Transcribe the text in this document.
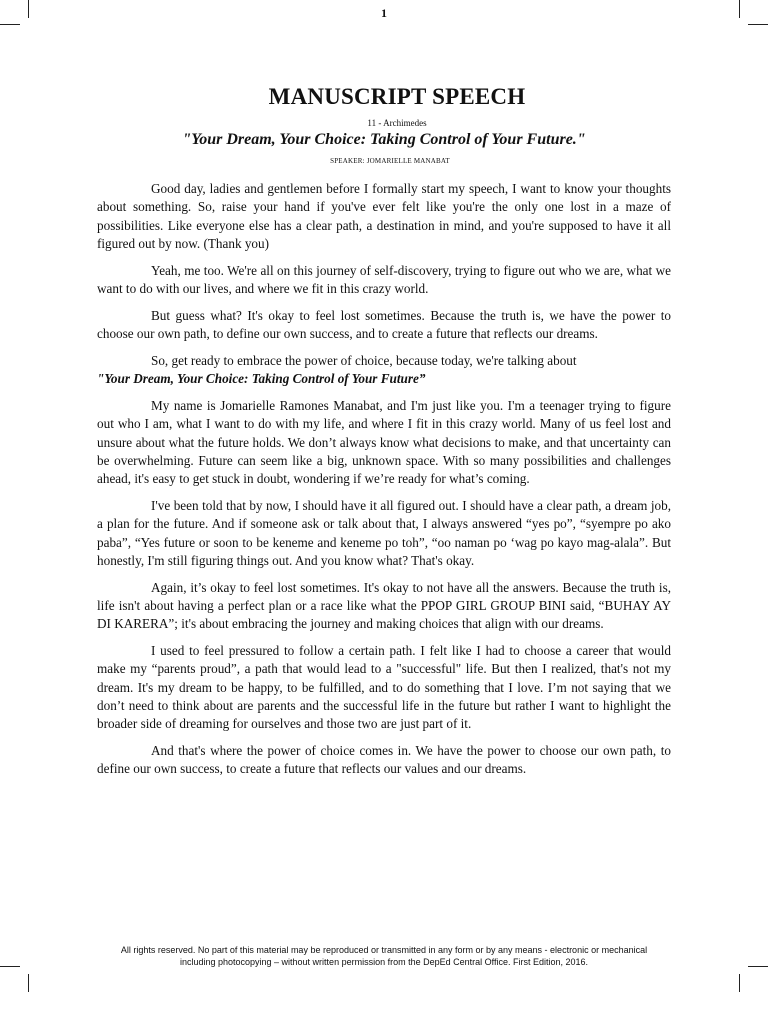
1
MANUSCRIPT SPEECH
11 - Archimedes
"Your Dream, Your Choice: Taking Control of Your Future."
SPEAKER: JOMARIELLE MANABAT

Good day, ladies and gentlemen before I formally start my speech, I want to know your thoughts about something. So, raise your hand if you've ever felt like you're the only one lost in a maze of possibilities. Like everyone else has a clear path, a destination in mind, and you're supposed to have it all figured out by now. (Thank you)

Yeah, me too. We're all on this journey of self-discovery, trying to figure out who we are, what we want to do with our lives, and where we fit in this crazy world.

But guess what? It's okay to feel lost sometimes. Because the truth is, we have the power to choose our own path, to define our own success, and to create a future that reflects our dreams.

So, get ready to embrace the power of choice, because today, we're talking about

"Your Dream, Your Choice: Taking Control of Your Future”

My name is Jomarielle Ramones Manabat, and I'm just like you. I'm a teenager trying to figure out who I am, what I want to do with my life, and where I fit in this crazy world. Many of us feel lost and unsure about what the future holds. We don’t always know what decisions to make, and that uncertainty can be overwhelming. Future can seem like a big, unknown space. With so many possibilities and challenges ahead, it's easy to get stuck in doubt, wondering if we’re ready for what’s coming.

I've been told that by now, I should have it all figured out. I should have a clear path, a dream job, a plan for the future. And if someone ask or talk about that, I always answered “yes po”, “syempre po ako paba”, “Yes future or soon to be keneme and keneme po toh”, “oo naman po ‘wag po kayo mag-alala”. But honestly, I'm still figuring things out. And you know what? That's okay.

Again, it’s okay to feel lost sometimes. It's okay to not have all the answers. Because the truth is, life isn't about having a perfect plan or a race like what the PPOP GIRL GROUP BINI said, “BUHAY AY DI KARERA”; it's about embracing the journey and making choices that align with our dreams.

I used to feel pressured to follow a certain path. I felt like I had to choose a career that would make my “parents proud”, a path that would lead to a "successful" life. But then I realized, that's not my dream. It's my dream to be happy, to be fulfilled, and to do something that I love. I’m not saying that we don’t need to think about are parents and the successful life in the future but rather I want to highlight the broader side of dreaming for ourselves and those two are just part of it.

And that's where the power of choice comes in. We have the power to choose our own path, to define our own success, to create a future that reflects our values and our dreams.

All rights reserved. No part of this material may be reproduced or transmitted in any form or by any means - electronic or mechanical including photocopying – without written permission from the DepEd Central Office. First Edition, 2016.
